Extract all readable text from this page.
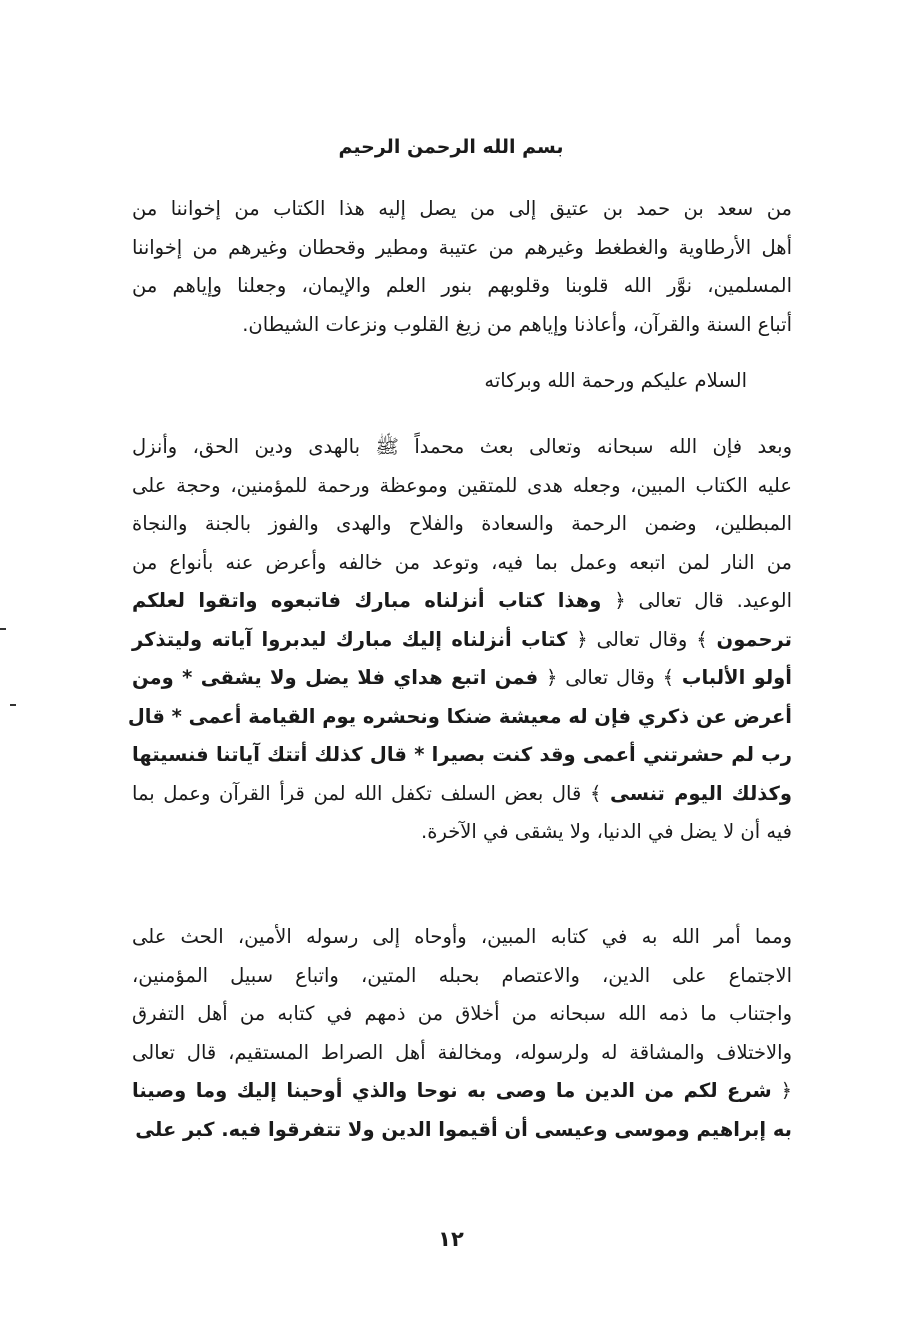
بسم الله الرحمن الرحيم
من سعد بن حمد بن عتيق إلى من يصل إليه هذا الكتاب من إخواننا من
أهل الأرطاوية والغطغط وغيرهم من عتيبة ومطير وقحطان وغيرهم من إخواننا
المسلمين، نوَّر الله قلوبنا وقلوبهم بنور العلم والإيمان، وجعلنا وإياهم من
أتباع السنة والقرآن، وأعاذنا وإياهم من زيغ القلوب ونزعات الشيطان.
السلام عليكم ورحمة الله وبركاته
وبعد فإن الله سبحانه وتعالى بعث محمداً ﷺ بالهدى ودين الحق، وأنزل
عليه الكتاب المبين، وجعله هدى للمتقين وموعظة ورحمة للمؤمنين، وحجة على
المبطلين، وضمن الرحمة والسعادة والفلاح والهدى والفوز بالجنة والنجاة
من النار لمن اتبعه وعمل بما فيه، وتوعد من خالفه وأعرض عنه بأنواع من
الوعيد. قال تعالى ﴿ وهذا كتاب أنزلناه مبارك فاتبعوه واتقوا لعلكم
ترحمون ﴾ وقال تعالى ﴿ كتاب أنزلناه إليك مبارك ليدبروا آياته وليتذكر
أولو الألباب ﴾ وقال تعالى ﴿ فمن اتبع هداي فلا يضل ولا يشقى * ومن
أعرض عن ذكري فإن له معيشة ضنكا ونحشره يوم القيامة أعمى * قال
رب لم حشرتني أعمى وقد كنت بصيرا * قال كذلك أتتك آياتنا فنسيتها
وكذلك اليوم تنسى ﴾ قال بعض السلف تكفل الله لمن قرأ القرآن وعمل بما
فيه أن لا يضل في الدنيا، ولا يشقى في الآخرة.
ومما أمر الله به في كتابه المبين، وأوحاه إلى رسوله الأمين، الحث على
الاجتماع على الدين، والاعتصام بحبله المتين، واتباع سبيل المؤمنين،
واجتناب ما ذمه الله سبحانه من أخلاق من ذمهم في كتابه من أهل التفرق
والاختلاف والمشاقة له ولرسوله، ومخالفة أهل الصراط المستقيم، قال تعالى
﴿ شرع لكم من الدين ما وصى به نوحا والذي أوحينا إليك وما وصينا
به إبراهيم وموسى وعيسى أن أقيموا الدين ولا تتفرقوا فيه. كبر على
١٢
